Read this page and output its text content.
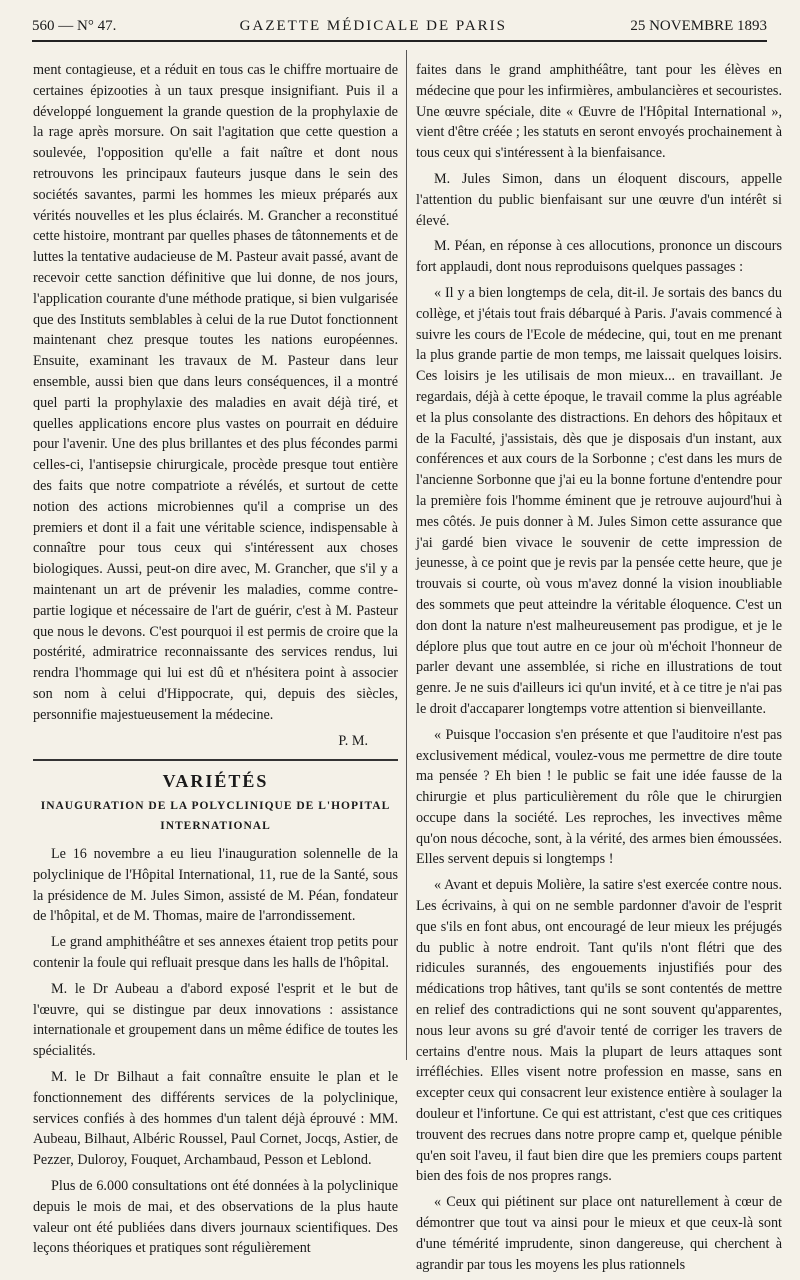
560 — N° 47.	GAZETTE MÉDICALE DE PARIS	25 NOVEMBRE 1893

ment contagieuse, et a réduit en tous cas le chiffre mortuaire de certaines épizooties à un taux presque insignifiant. Puis il a développé longuement la grande question de la prophylaxie de la rage après morsure. On sait l'agitation que cette question a soulevée, l'opposition qu'elle a fait naître et dont nous retrouvons les principaux fauteurs jusque dans le sein des sociétés savantes, parmi les hommes les mieux préparés aux vérités nouvelles et les plus éclairés. M. Grancher a reconstitué cette histoire, montrant par quelles phases de tâtonnements et de luttes la tentative audacieuse de M. Pasteur avait passé, avant de recevoir cette sanction définitive que lui donne, de nos jours, l'application courante d'une méthode pratique, si bien vulgarisée que des Instituts semblables à celui de la rue Dutot fonctionnent maintenant chez presque toutes les nations européennes. Ensuite, examinant les travaux de M. Pasteur dans leur ensemble, aussi bien que dans leurs conséquences, il a montré quel parti la prophylaxie des maladies en avait déjà tiré, et quelles applications encore plus vastes on pourrait en déduire pour l'avenir. Une des plus brillantes et des plus fécondes parmi celles-ci, l'antisepsie chirurgicale, procède presque tout entière des faits que notre compatriote a révélés, et surtout de cette notion des actions microbiennes qu'il a comprise un des premiers et dont il a fait une véritable science, indispensable à connaître pour tous ceux qui s'intéressent aux choses biologiques. Aussi, peut-on dire avec, M. Grancher, que s'il y a maintenant un art de prévenir les maladies, comme contre-partie logique et nécessaire de l'art de guérir, c'est à M. Pasteur que nous le devons. C'est pourquoi il est permis de croire que la postérité, admiratrice reconnaissante des services rendus, lui rendra l'hommage qui lui est dû et n'hésitera point à associer son nom à celui d'Hippocrate, qui, depuis des siècles, personnifie majestueusement la médecine.

P. M.
VARIÉTÉS
INAUGURATION DE LA POLYCLINIQUE DE L'HOPITAL INTERNATIONAL

Le 16 novembre a eu lieu l'inauguration solennelle de la polyclinique de l'Hôpital International, 11, rue de la Santé, sous la présidence de M. Jules Simon, assisté de M. Péan, fondateur de l'hôpital, et de M. Thomas, maire de l'arrondissement.

Le grand amphithéâtre et ses annexes étaient trop petits pour contenir la foule qui refluait presque dans les halls de l'hôpital.

M. le Dr Aubeau a d'abord exposé l'esprit et le but de l'œuvre, qui se distingue par deux innovations : assistance internationale et groupement dans un même édifice de toutes les spécialités.

M. le Dr Bilhaut a fait connaître ensuite le plan et le fonctionnement des différents services de la polyclinique, services confiés à des hommes d'un talent déjà éprouvé : MM. Aubeau, Bilhaut, Albéric Roussel, Paul Cornet, Jocqs, Astier, de Pezzer, Duloroy, Fouquet, Archambaud, Pesson et Leblond.

Plus de 6.000 consultations ont été données à la polyclinique depuis le mois de mai, et des observations de la plus haute valeur ont été publiées dans divers journaux scientifiques. Des leçons théoriques et pratiques sont régulièrement

faites dans le grand amphithéâtre, tant pour les élèves en médecine que pour les infirmières, ambulancières et secouristes. Une œuvre spéciale, dite « Œuvre de l'Hôpital International », vient d'être créée ; les statuts en seront envoyés prochainement à tous ceux qui s'intéressent à la bienfaisance.

M. Jules Simon, dans un éloquent discours, appelle l'attention du public bienfaisant sur une œuvre d'un intérêt si élevé.

M. Péan, en réponse à ces allocutions, prononce un discours fort applaudi, dont nous reproduisons quelques passages :

« Il y a bien longtemps de cela, dit-il. Je sortais des bancs du collège, et j'étais tout frais débarqué à Paris. J'avais commencé à suivre les cours de l'Ecole de médecine, qui, tout en me prenant la plus grande partie de mon temps, me laissait quelques loisirs. Ces loisirs je les utilisais de mon mieux... en travaillant. Je regardais, déjà à cette époque, le travail comme la plus agréable et la plus consolante des distractions. En dehors des hôpitaux et de la Faculté, j'assistais, dès que je disposais d'un instant, aux conférences et aux cours de la Sorbonne ; c'est dans les murs de l'ancienne Sorbonne que j'ai eu la bonne fortune d'entendre pour la première fois l'homme éminent que je retrouve aujourd'hui à mes côtés. Je puis donner à M. Jules Simon cette assurance que j'ai gardé bien vivace le souvenir de cette impression de jeunesse, à ce point que je revis par la pensée cette heure, que je trouvais si courte, où vous m'avez donné la vision inoubliable des sommets que peut atteindre la véritable éloquence. C'est un don dont la nature n'est malheureusement pas prodigue, et je le déplore plus que tout autre en ce jour où m'échoit l'honneur de parler devant une assemblée, si riche en illustrations de tout genre. Je ne suis d'ailleurs ici qu'un invité, et à ce titre je n'ai pas le droit d'accaparer longtemps votre attention si bienveillante.

« Puisque l'occasion s'en présente et que l'auditoire n'est pas exclusivement médical, voulez-vous me permettre de dire toute ma pensée ? Eh bien ! le public se fait une idée fausse de la chirurgie et plus particulièrement du rôle que le chirurgien occupe dans la société. Les reproches, les invectives même qu'on nous décoche, sont, à la vérité, des armes bien émoussées. Elles servent depuis si longtemps !

« Avant et depuis Molière, la satire s'est exercée contre nous. Les écrivains, à qui on ne semble pardonner d'avoir de l'esprit que s'ils en font abus, ont encouragé de leur mieux les préjugés du public à notre endroit. Tant qu'ils n'ont flétri que des ridicules surannés, des engouements injustifiés pour des médications trop hâtives, tant qu'ils se sont contentés de mettre en relief des contradictions qui ne sont souvent qu'apparentes, nous leur avons su gré d'avoir tenté de corriger les travers de certains d'entre nous. Mais la plupart de leurs attaques sont irréfléchies. Elles visent notre profession en masse, sans en excepter ceux qui consacrent leur existence entière à soulager la douleur et l'infortune. Ce qui est attristant, c'est que ces critiques trouvent des recrues dans notre propre camp et, quelque pénible qu'en soit l'aveu, il faut bien dire que les premiers coups partent bien des fois de nos propres rangs.

« Ceux qui piétinent sur place ont naturellement à cœur de démontrer que tout va ainsi pour le mieux et que ceux-là sont d'une témérité imprudente, sinon dangereuse, qui cherchent à agrandir par tous les moyens les plus rationnels
